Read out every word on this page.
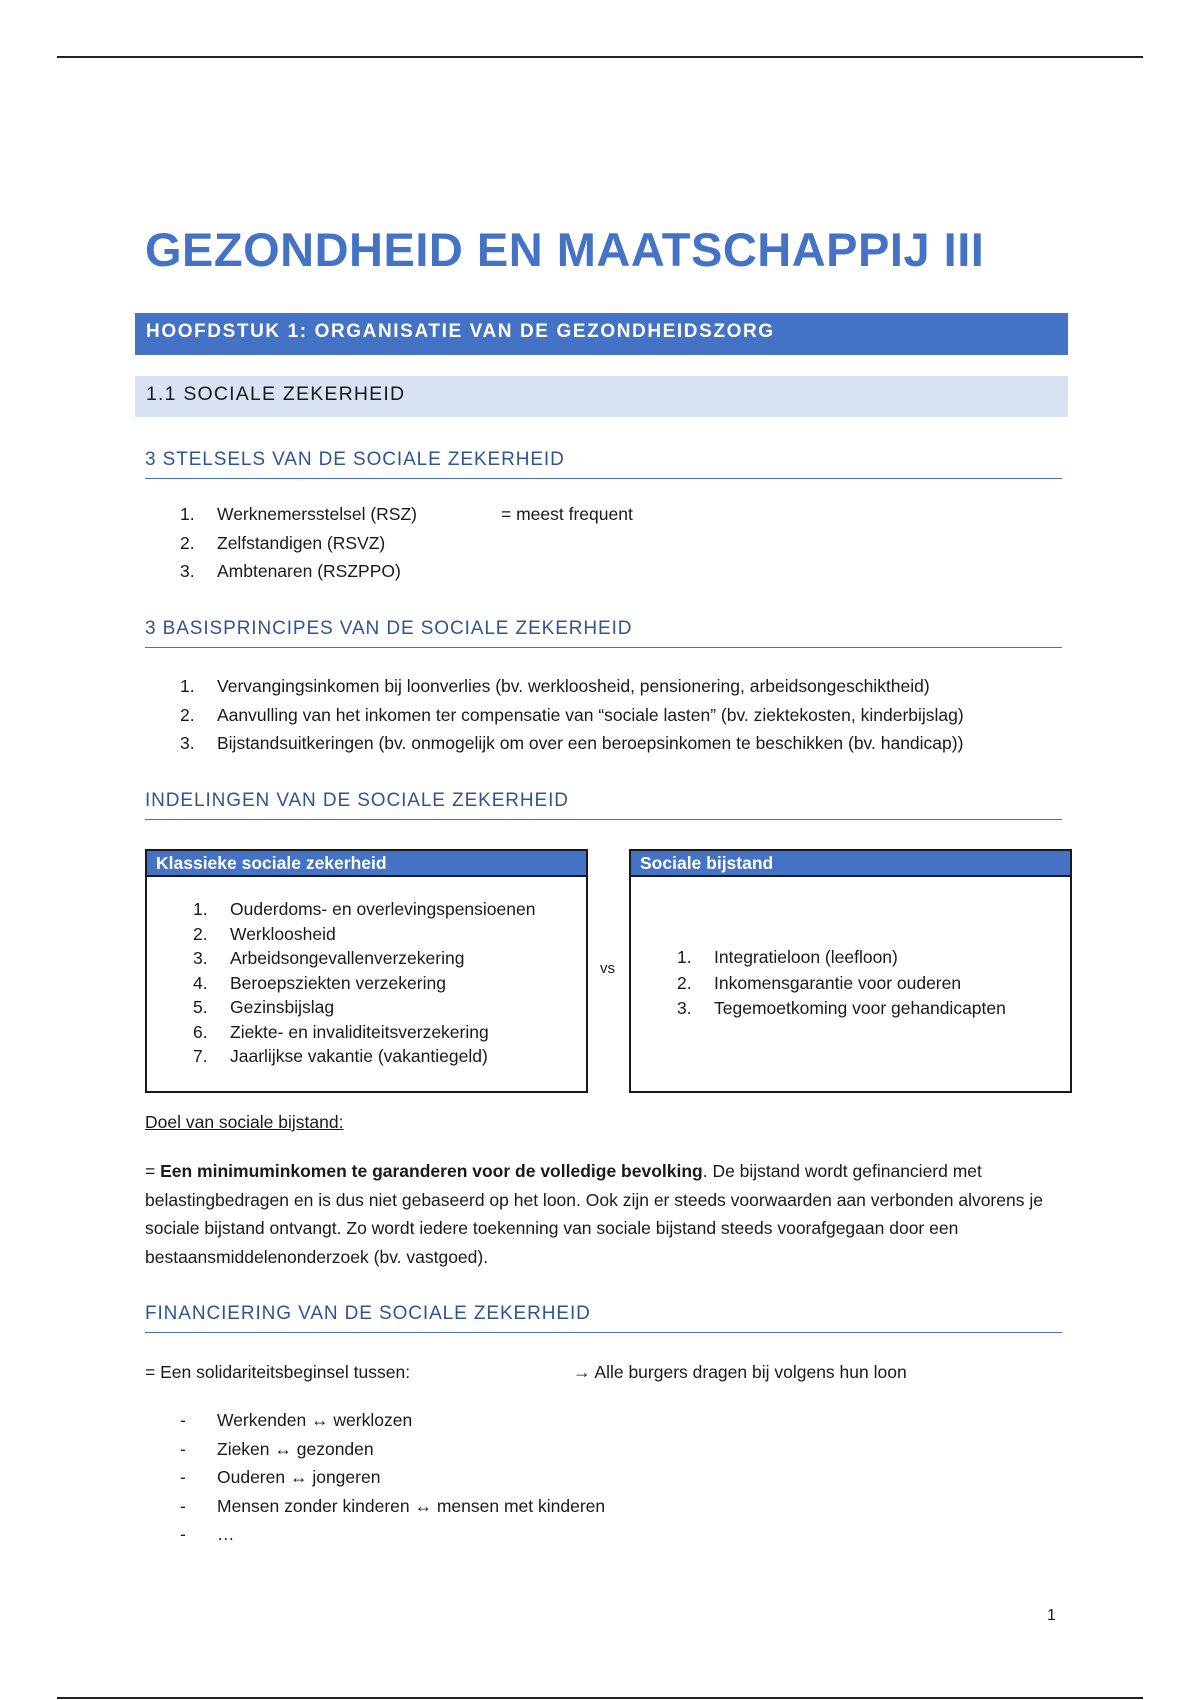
GEZONDHEID EN MAATSCHAPPIJ III
HOOFDSTUK 1: ORGANISATIE VAN DE GEZONDHEIDSZORG
1.1 SOCIALE ZEKERHEID
3 STELSELS VAN DE SOCIALE ZEKERHEID
1. Werknemersstelsel (RSZ)
2. Zelfstandigen (RSVZ)
3. Ambtenaren (RSZPPO)
= meest frequent
3 BASISPRINCIPES VAN DE SOCIALE ZEKERHEID
1. Vervangingsinkomen bij loonverlies (bv. werkloosheid, pensionering, arbeidsongeschiktheid)
2. Aanvulling van het inkomen ter compensatie van “sociale lasten” (bv. ziektekosten, kinderbijslag)
3. Bijstandsuitkeringen (bv. onmogelijk om over een beroepsinkomen te beschikken (bv. handicap))
INDELINGEN VAN DE SOCIALE ZEKERHEID
Klassieke sociale zekerheid
1. Ouderdoms- en overlevingspensioenen
2. Werkloosheid
3. Arbeidsongevallenverzekering
4. Beroepsziekten verzekering
5. Gezinsbijslag
6. Ziekte- en invaliditeitsverzekering
7. Jaarlijkse vakantie (vakantiegeld)
vs
Sociale bijstand
1. Integratieloon (leefloon)
2. Inkomensgarantie voor ouderen
3. Tegemoetkoming voor gehandicapten
Doel van sociale bijstand:

= Een minimuminkomen te garanderen voor de volledige bevolking. De bijstand wordt gefinancierd met belastingbedragen en is dus niet gebaseerd op het loon. Ook zijn er steeds voorwaarden aan verbonden alvorens je sociale bijstand ontvangt. Zo wordt iedere toekenning van sociale bijstand steeds voorafgegaan door een bestaansmiddelenonderzoek (bv. vastgoed).

FINANCIERING VAN DE SOCIALE ZEKERHEID
= Een solidariteitsbeginsel tussen:	→ Alle burgers dragen bij volgens hun loon
- Werkenden ↔ werklozen
- Zieken ↔ gezonden
- Ouderen ↔ jongeren
- Mensen zonder kinderen ↔ mensen met kinderen
- …
1
